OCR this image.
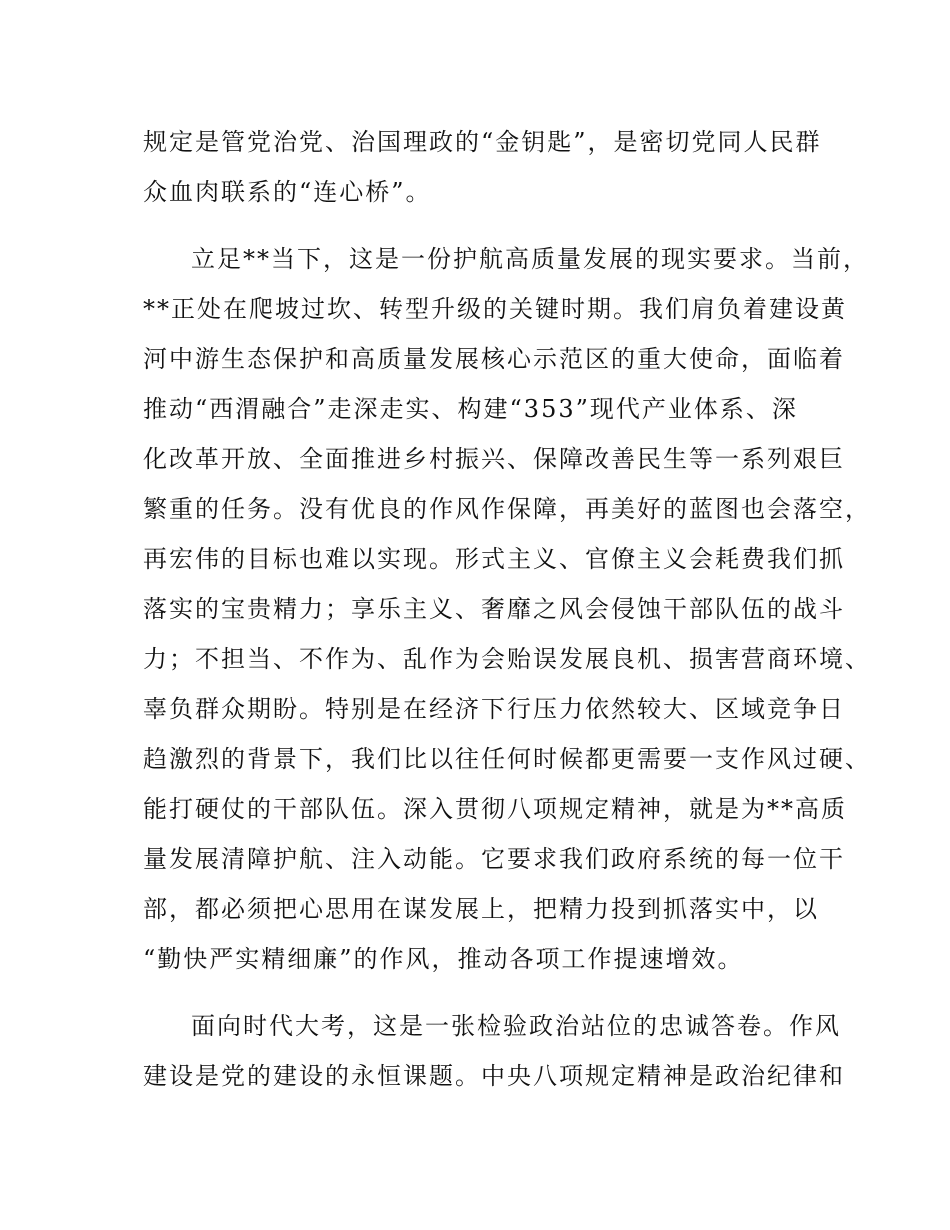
规定是管党治党、治国理政的“金钥匙”，是密切党同人民群
众血肉联系的“连心桥”。
立足**当下，这是一份护航高质量发展的现实要求。当前，
**正处在爬坡过坎、转型升级的关键时期。我们肩负着建设黄
河中游生态保护和高质量发展核心示范区的重大使命，面临着
推动“西渭融合”走深走实、构建“353”现代产业体系、深
化改革开放、全面推进乡村振兴、保障改善民生等一系列艰巨
繁重的任务。没有优良的作风作保障，再美好的蓝图也会落空，
再宏伟的目标也难以实现。形式主义、官僚主义会耗费我们抓
落实的宝贵精力；享乐主义、奢靡之风会侵蚀干部队伍的战斗
力；不担当、不作为、乱作为会贻误发展良机、损害营商环境、
辜负群众期盼。特别是在经济下行压力依然较大、区域竞争日
趋激烈的背景下，我们比以往任何时候都更需要一支作风过硬、
能打硬仗的干部队伍。深入贯彻八项规定精神，就是为**高质
量发展清障护航、注入动能。它要求我们政府系统的每一位干
部，都必须把心思用在谋发展上，把精力投到抓落实中，以
“勤快严实精细廉”的作风，推动各项工作提速增效。
面向时代大考，这是一张检验政治站位的忠诚答卷。作风
建设是党的建设的永恒课题。中央八项规定精神是政治纪律和
